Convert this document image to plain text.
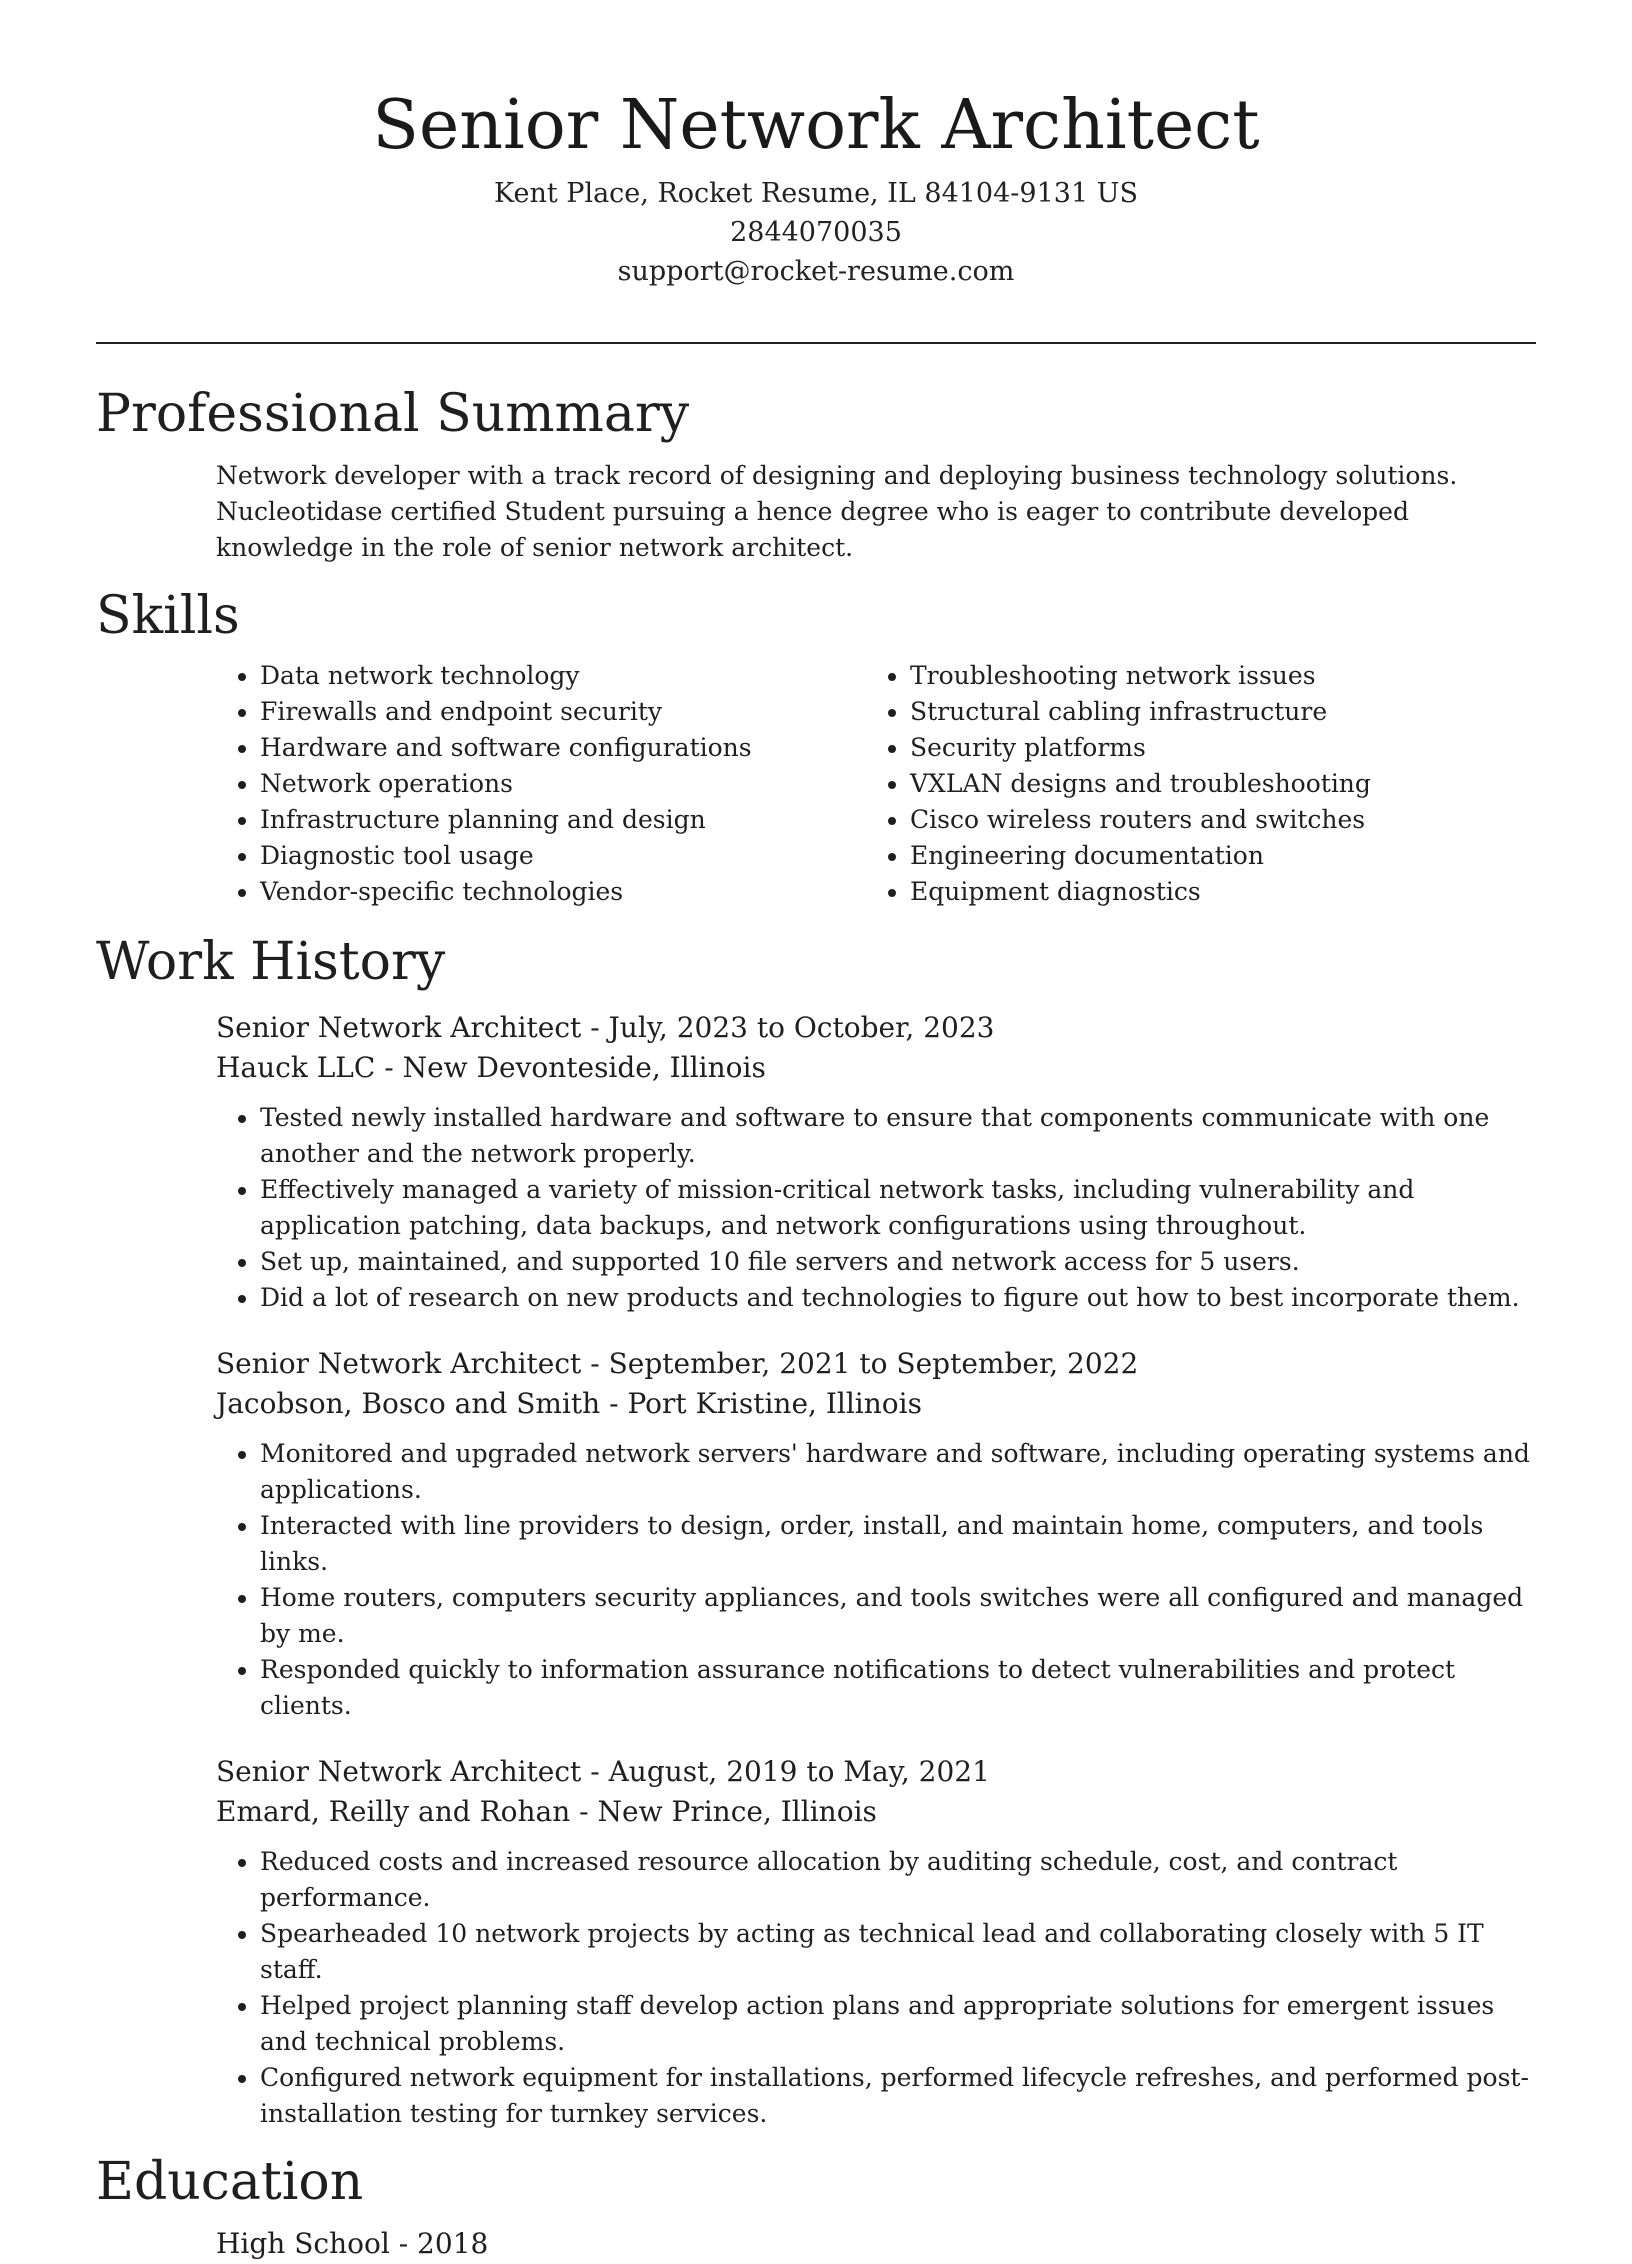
Senior Network Architect
Kent Place, Rocket Resume, IL 84104-9131 US
2844070035
support@rocket-resume.com
Professional Summary

Network developer with a track record of designing and deploying business technology solutions. Nucleotidase certified Student pursuing a hence degree who is eager to contribute developed knowledge in the role of senior network architect.

Skills
• Data network technology
• Firewalls and endpoint security
• Hardware and software configurations
• Network operations
• Infrastructure planning and design
• Diagnostic tool usage
• Vendor-specific technologies
• Troubleshooting network issues
• Structural cabling infrastructure
• Security platforms
• VXLAN designs and troubleshooting
• Cisco wireless routers and switches
• Engineering documentation
• Equipment diagnostics
Work History
Senior Network Architect - July, 2023 to October, 2023
Hauck LLC - New Devonteside, Illinois
• Tested newly installed hardware and software to ensure that components communicate with one another and the network properly.
• Effectively managed a variety of mission-critical network tasks, including vulnerability and application patching, data backups, and network configurations using throughout.
• Set up, maintained, and supported 10 file servers and network access for 5 users.
• Did a lot of research on new products and technologies to figure out how to best incorporate them.
Senior Network Architect - September, 2021 to September, 2022
Jacobson, Bosco and Smith - Port Kristine, Illinois
• Monitored and upgraded network servers' hardware and software, including operating systems and applications.
• Interacted with line providers to design, order, install, and maintain home, computers, and tools links.
• Home routers, computers security appliances, and tools switches were all configured and managed by me.
• Responded quickly to information assurance notifications to detect vulnerabilities and protect clients.
Senior Network Architect - August, 2019 to May, 2021
Emard, Reilly and Rohan - New Prince, Illinois
• Reduced costs and increased resource allocation by auditing schedule, cost, and contract performance.
• Spearheaded 10 network projects by acting as technical lead and collaborating closely with 5 IT staff.
• Helped project planning staff develop action plans and appropriate solutions for emergent issues and technical problems.
• Configured network equipment for installations, performed lifecycle refreshes, and performed post-installation testing for turnkey services.
Education
High School - 2018
